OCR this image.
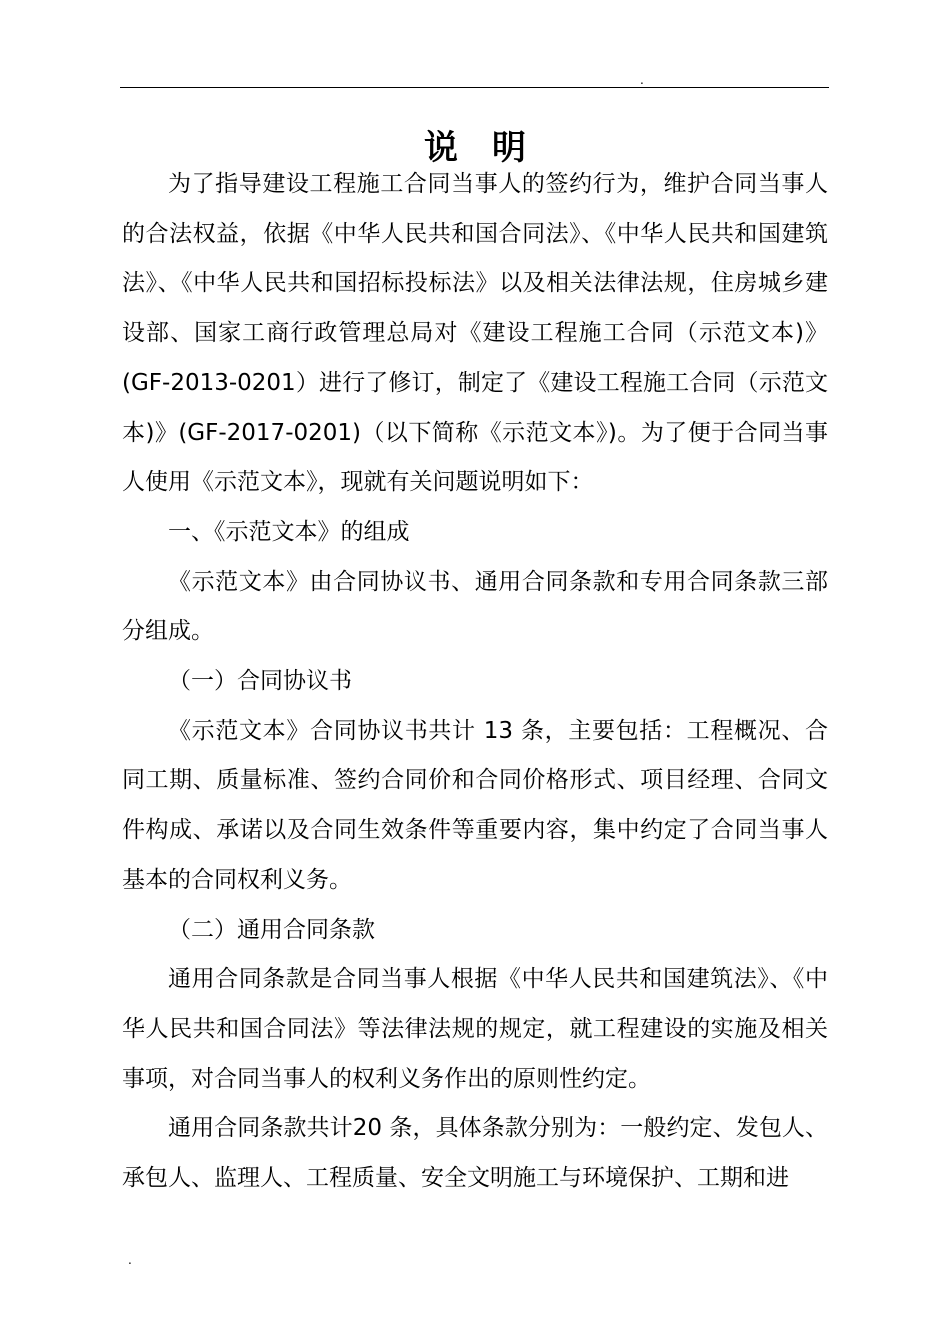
.
说　明

为了指导建设工程施工合同当事人的签约行为，维护合同当事人的合法权益，依据《中华人民共和国合同法》、《中华人民共和国建筑法》、《中华人民共和国招标投标法》以及相关法律法规，住房城乡建设部、国家工商行政管理总局对《建设工程施工合同（示范文本)》(GF-2013-0201）进行了修订，制定了《建设工程施工合同（示范文本)》(GF-2017-0201)（以下简称《示范文本》)。为了便于合同当事人使用《示范文本》，现就有关问题说明如下：

一、《示范文本》的组成

《示范文本》由合同协议书、通用合同条款和专用合同条款三部分组成。

（一）合同协议书

《示范文本》合同协议书共计 13 条，主要包括：工程概况、合同工期、质量标准、签约合同价和合同价格形式、项目经理、合同文件构成、承诺以及合同生效条件等重要内容，集中约定了合同当事人基本的合同权利义务。

（二）通用合同条款

通用合同条款是合同当事人根据《中华人民共和国建筑法》、《中华人民共和国合同法》等法律法规的规定，就工程建设的实施及相关事项，对合同当事人的权利义务作出的原则性约定。

通用合同条款共计20 条，具体条款分别为：一般约定、发包人、承包人、监理人、工程质量、安全文明施工与环境保护、工期和进

.
